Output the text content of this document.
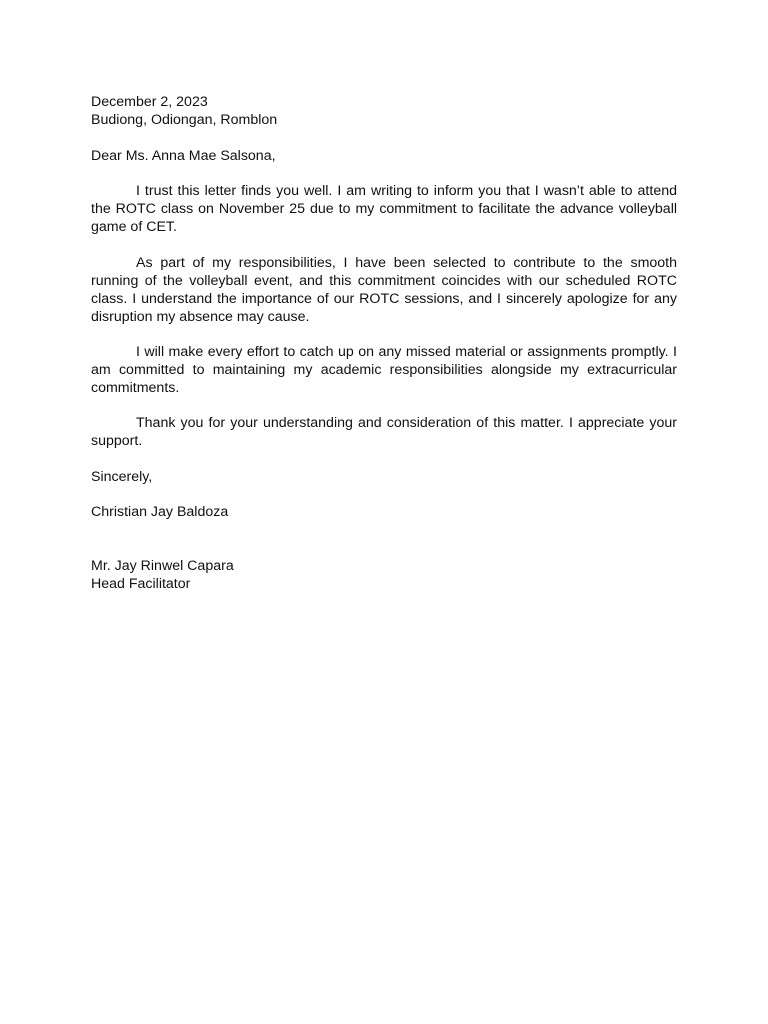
December 2, 2023
Budiong, Odiongan, Romblon
Dear Ms. Anna Mae Salsona,

I trust this letter finds you well. I am writing to inform you that I wasn’t able to attend the ROTC class on November 25 due to my commitment to facilitate the advance volleyball game of CET.

As part of my responsibilities, I have been selected to contribute to the smooth running of the volleyball event, and this commitment coincides with our scheduled ROTC class. I understand the importance of our ROTC sessions, and I sincerely apologize for any disruption my absence may cause.

I will make every effort to catch up on any missed material or assignments promptly. I am committed to maintaining my academic responsibilities alongside my extracurricular commitments.

Thank you for your understanding and consideration of this matter. I appreciate your support.

Sincerely,
Christian Jay Baldoza
Mr. Jay Rinwel Capara
Head Facilitator
